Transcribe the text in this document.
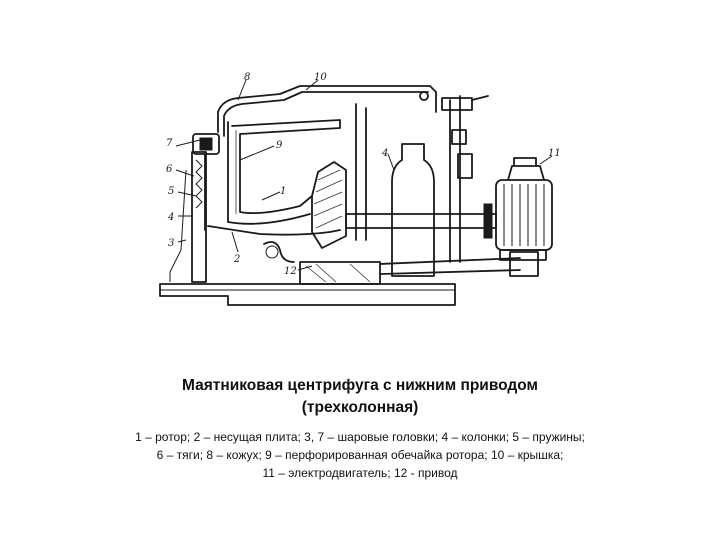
8	10
7
6
5
4
3
9
1
2
12
4	11
Маятниковая центрифуга с нижним приводом
(трехколонная)
1 – ротор; 2 – несущая плита; 3, 7 – шаровые головки; 4 – колонки; 5 – пружины;
6 – тяги; 8 – кожух; 9 – перфорированная обечайка ротора; 10 – крышка;
11 – электродвигатель; 12 - привод
